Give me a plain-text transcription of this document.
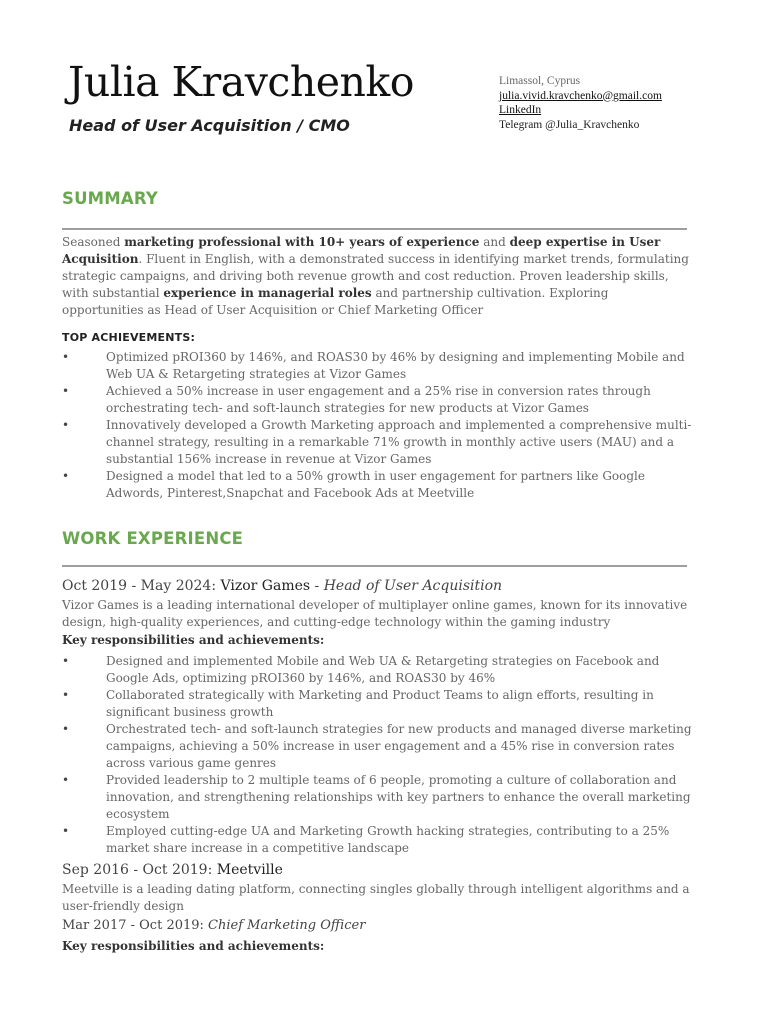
Julia Kravchenko
Head of User Acquisition / CMO
Limassol, Cyprus
julia.vivid.kravchenko@gmail.com
LinkedIn
Telegram @Julia_Kravchenko
SUMMARY
Seasoned marketing professional with 10+ years of experience and deep expertise in User Acquisition. Fluent in English, with a demonstrated success in identifying market trends, formulating strategic campaigns, and driving both revenue growth and cost reduction. Proven leadership skills, with substantial experience in managerial roles and partnership cultivation. Exploring opportunities as Head of User Acquisition or Chief Marketing Officer
TOP ACHIEVEMENTS:
•	Optimized pROI360 by 146%, and ROAS30 by 46% by designing and implementing Mobile and Web UA & Retargeting strategies at Vizor Games
•	Achieved a 50% increase in user engagement and a 25% rise in conversion rates through orchestrating tech- and soft-launch strategies for new products at Vizor Games
•	Innovatively developed a Growth Marketing approach and implemented a comprehensive multi-channel strategy, resulting in a remarkable 71% growth in monthly active users (MAU) and a substantial 156% increase in revenue at Vizor Games
•	Designed a model that led to a 50% growth in user engagement for partners like Google Adwords, Pinterest,Snapchat and Facebook Ads at Meetville
WORK EXPERIENCE
Oct 2019 - May 2024: Vizor Games - Head of User Acquisition
Vizor Games is a leading international developer of multiplayer online games, known for its innovative design, high-quality experiences, and cutting-edge technology within the gaming industry
Key responsibilities and achievements:
•	Designed and implemented Mobile and Web UA & Retargeting strategies on Facebook and Google Ads, optimizing pROI360 by 146%, and ROAS30 by 46%
•	Collaborated strategically with Marketing and Product Teams to align efforts, resulting in significant business growth
•	Orchestrated tech- and soft-launch strategies for new products and managed diverse marketing campaigns, achieving a 50% increase in user engagement and a 45% rise in conversion rates across various game genres
•	Provided leadership to 2 multiple teams of 6 people, promoting a culture of collaboration and innovation, and strengthening relationships with key partners to enhance the overall marketing ecosystem
•	Employed cutting-edge UA and Marketing Growth hacking strategies, contributing to a 25% market share increase in a competitive landscape
Sep 2016 - Oct 2019: Meetville
Meetville is a leading dating platform, connecting singles globally through intelligent algorithms and a user-friendly design
Mar 2017 - Oct 2019: Chief Marketing Officer
Key responsibilities and achievements:
